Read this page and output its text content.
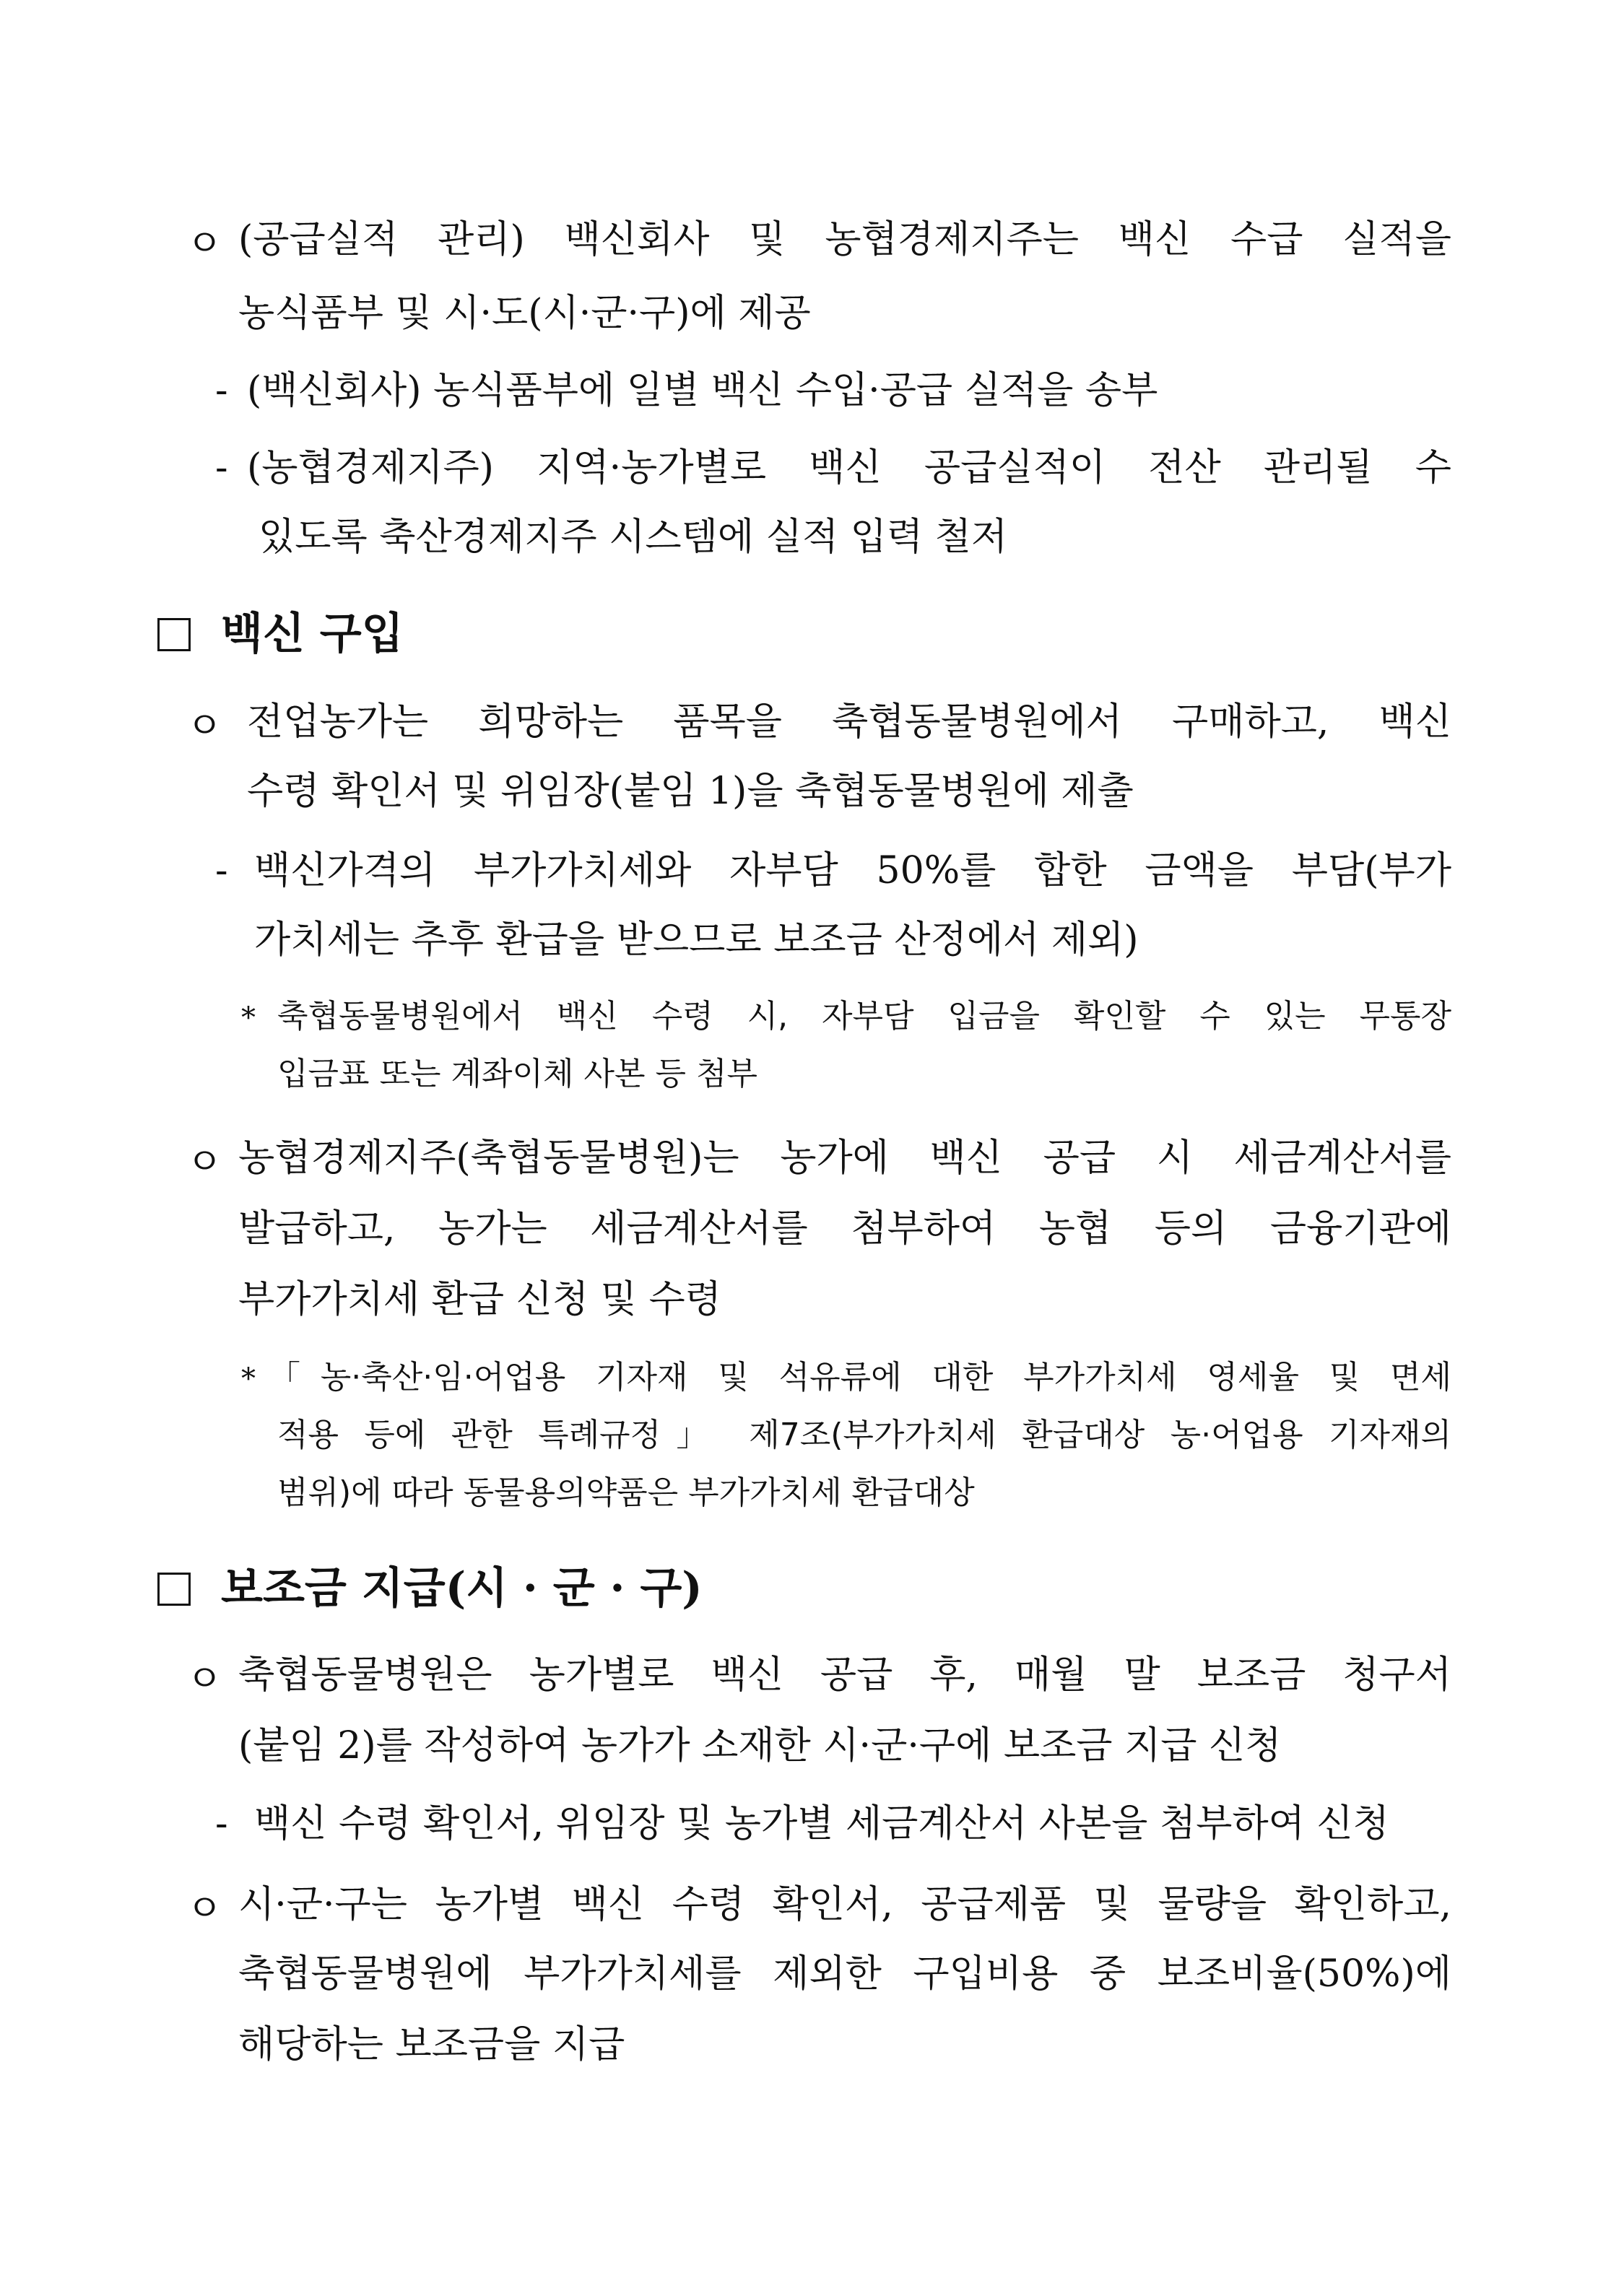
ㅇ (공급실적 관리) 백신회사 및 농협경제지주는 백신 수급 실적을
농식품부 및 시·도(시·군·구)에 제공
- (백신회사) 농식품부에 일별 백신 수입·공급 실적을 송부
- (농협경제지주) 지역·농가별로 백신 공급실적이 전산 관리될 수
있도록 축산경제지주 시스템에 실적 입력 철저
백신 구입
ㅇ 전업농가는 희망하는 품목을 축협동물병원에서 구매하고, 백신
수령 확인서 및 위임장(붙임 1)을 축협동물병원에 제출
- 백신가격의 부가가치세와 자부담 50%를 합한 금액을 부담(부가
가치세는 추후 환급을 받으므로 보조금 산정에서 제외)
* 축협동물병원에서 백신 수령 시, 자부담 입금을 확인할 수 있는 무통장
입금표 또는 계좌이체 사본 등 첨부
ㅇ 농협경제지주(축협동물병원)는 농가에 백신 공급 시 세금계산서를
발급하고, 농가는 세금계산서를 첨부하여 농협 등의 금융기관에
부가가치세 환급 신청 및 수령
* 「농·축산·임·어업용 기자재 및 석유류에 대한 부가가치세 영세율 및 면세
적용 등에 관한 특례규정」 제7조(부가가치세 환급대상 농·어업용 기자재의
범위)에 따라 동물용의약품은 부가가치세 환급대상
보조금 지급(시 · 군 · 구)
ㅇ 축협동물병원은 농가별로 백신 공급 후, 매월 말 보조금 청구서
(붙임 2)를 작성하여 농가가 소재한 시·군·구에 보조금 지급 신청
- 백신 수령 확인서, 위임장 및 농가별 세금계산서 사본을 첨부하여 신청
ㅇ 시·군·구는 농가별 백신 수령 확인서, 공급제품 및 물량을 확인하고,
축협동물병원에 부가가치세를 제외한 구입비용 중 보조비율(50%)에
해당하는 보조금을 지급
